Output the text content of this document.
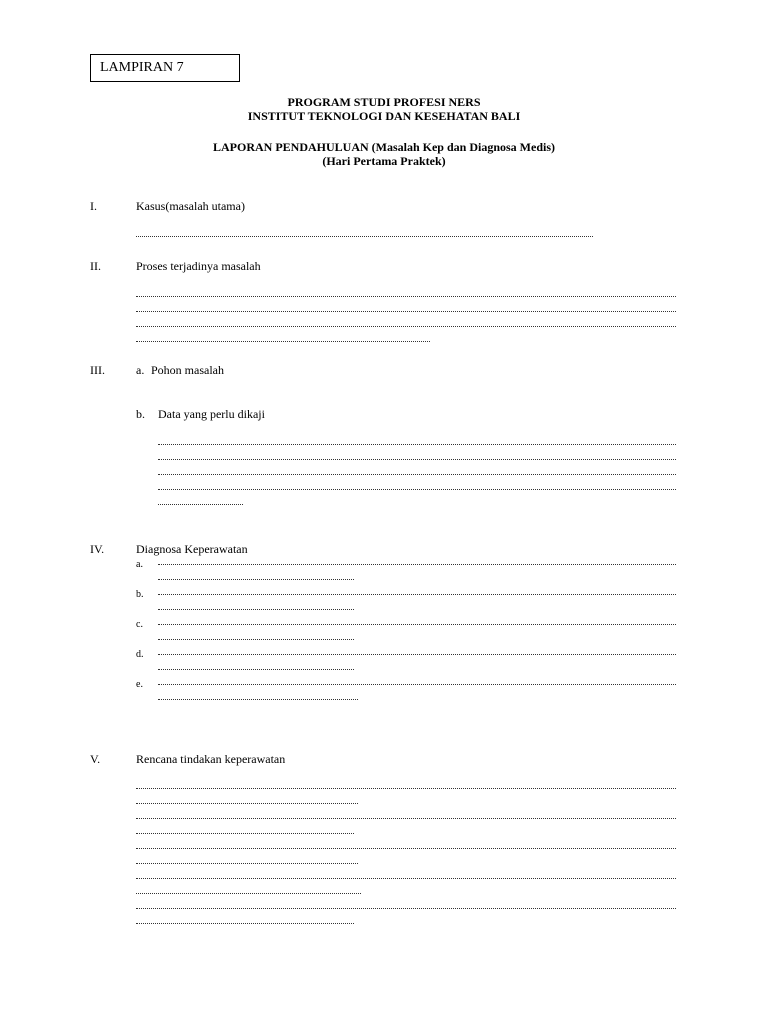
LAMPIRAN 7
PROGRAM STUDI PROFESI NERS
INSTITUT TEKNOLOGI DAN KESEHATAN BALI
LAPORAN PENDAHULUAN (Masalah Kep dan Diagnosa Medis)
(Hari Pertama Praktek)
I.	Kasus(masalah utama)
II.	Proses terjadinya masalah
III.	a. Pohon masalah
b. Data yang perlu dikaji
IV.	Diagnosa Keperawatan
a.
b.
c.
d.
e.
V.	Rencana tindakan keperawatan
